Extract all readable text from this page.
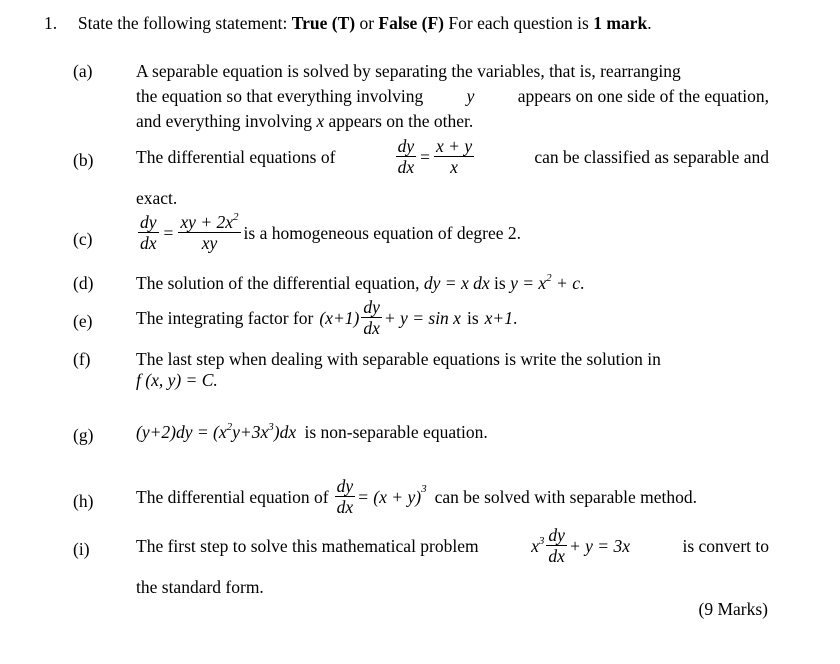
1. State the following statement: True (T) or False (F) For each question is 1 mark.
(a) A separable equation is solved by separating the variables, that is, rearranging
the equation so that everything involving y appears on one side of the equation,
and everything involving x appears on the other.
(b) The differential equations of	$\frac{dy}{dx} = \frac{x + y}{x}$	can be classified as separable and
exact.
(c)	$\frac{dy}{dx} = \frac{xy + 2x^2}{xy}$ is a homogeneous equation of degree 2.
(d) The solution of the differential equation, dy = x dx is $y = x^2 + c$.
(e) The integrating factor for $(x+1) \frac{dy}{dx} + y = \sin x$ is x+1 .
(f)	The last step when dealing with separable equations is write the solution in
f (x, y) = C.
(g) $(y+2)dy = (x^2y+3x^3)dx$ is non-separable equation.
(h) The differential equation of $\frac{dy}{dx} = (x + y)^3$ can be solved with separable method.
(i)	The first step to solve this mathematical problem	$x^3 \frac{dy}{dx} + y = 3x$	is convert to
the standard form.
(9 Marks)
